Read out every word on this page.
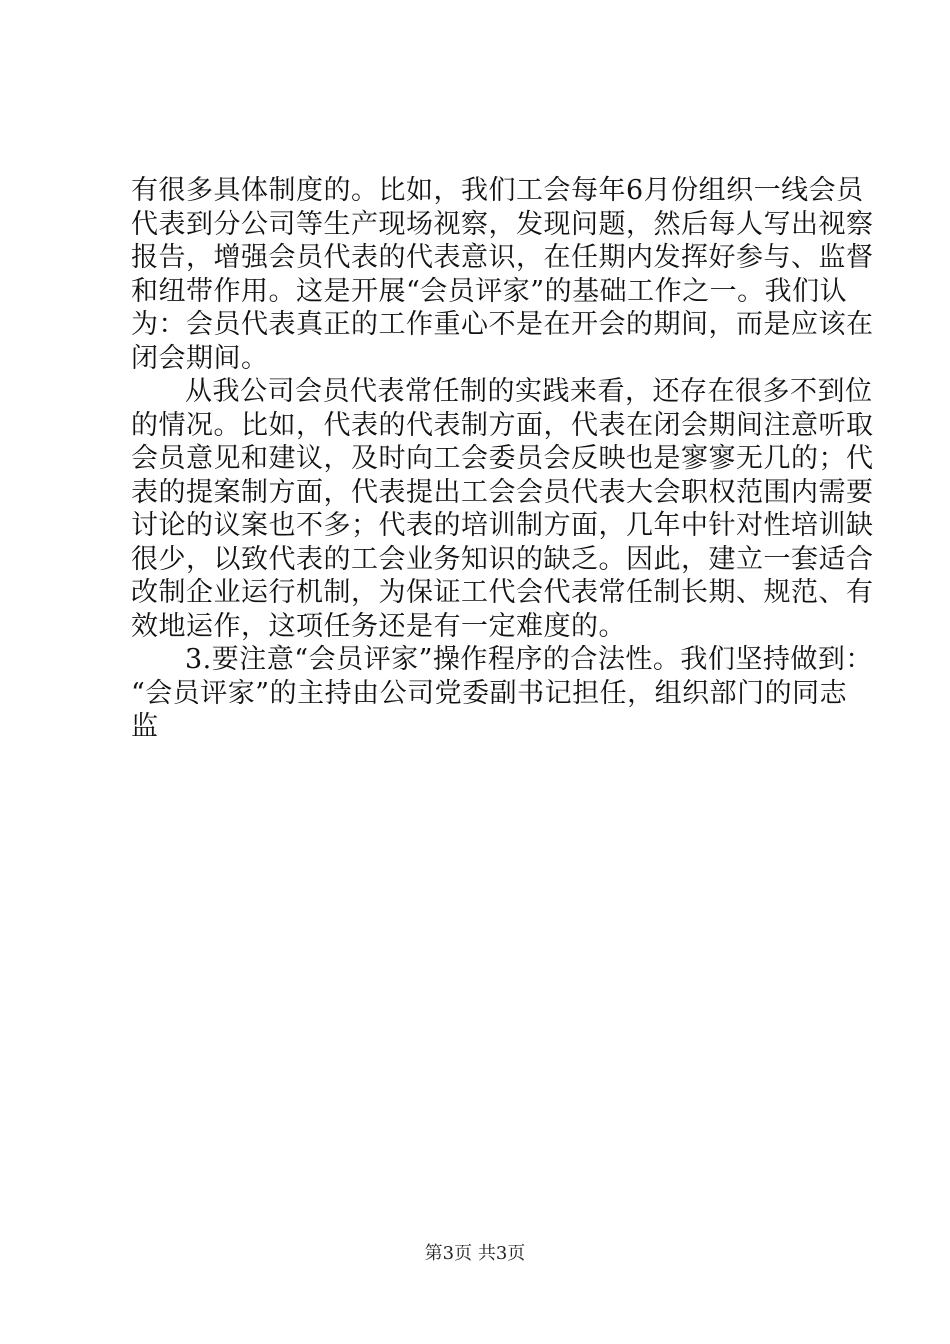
有很多具体制度的。比如，我们工会每年6月份组织一线会员
代表到分公司等生产现场视察，发现问题，然后每人写出视察
报告，增强会员代表的代表意识，在任期内发挥好参与、监督
和纽带作用。这是开展“会员评家”的基础工作之一。我们认
为：会员代表真正的工作重心不是在开会的期间，而是应该在
闭会期间。
从我公司会员代表常任制的实践来看，还存在很多不到位
的情况。比如，代表的代表制方面，代表在闭会期间注意听取
会员意见和建议，及时向工会委员会反映也是寥寥无几的；代
表的提案制方面，代表提出工会会员代表大会职权范围内需要
讨论的议案也不多；代表的培训制方面，几年中针对性培训缺
很少，以致代表的工会业务知识的缺乏。因此，建立一套适合
改制企业运行机制，为保证工代会代表常任制长期、规范、有
效地运作，这项任务还是有一定难度的。
3.要注意“会员评家”操作程序的合法性。我们坚持做到：
“会员评家”的主持由公司党委副书记担任，组织部门的同志
监
第3页 共3页
